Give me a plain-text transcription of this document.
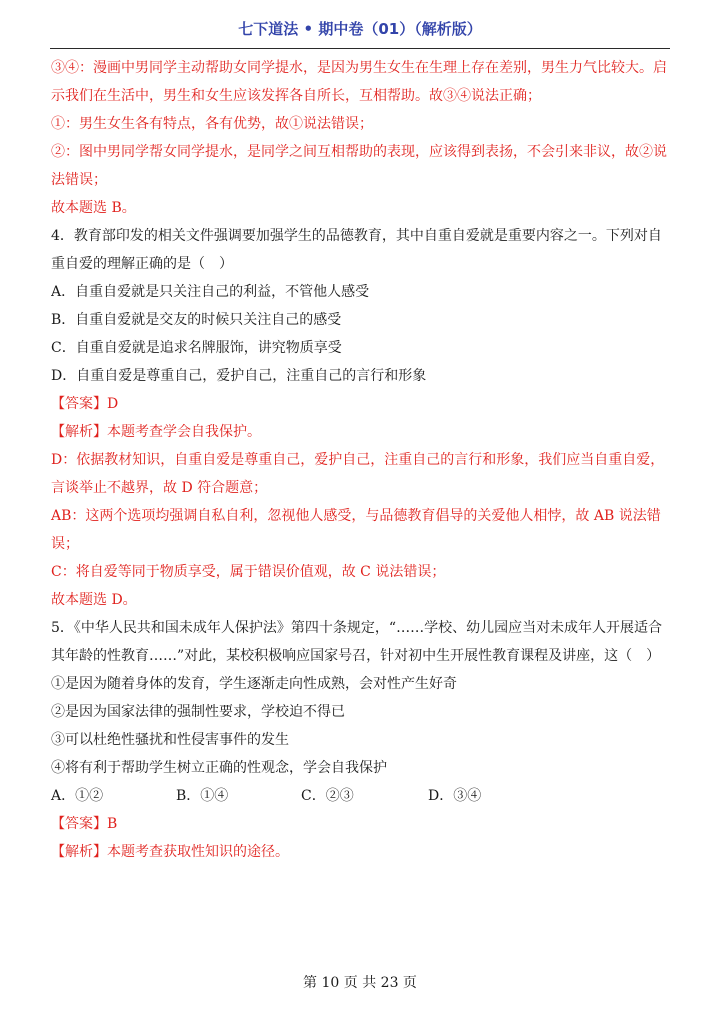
七下道法 • 期中卷（01）（解析版）
③④：漫画中男同学主动帮助女同学提水，是因为男生女生在生理上存在差别，男生力气比较大。启示我们在生活中，男生和女生应该发挥各自所长，互相帮助。故③④说法正确；
①：男生女生各有特点，各有优势，故①说法错误；
②：图中男同学帮女同学提水，是同学之间互相帮助的表现，应该得到表扬，不会引来非议，故②说法错误；
故本题选 B。
4．教育部印发的相关文件强调要加强学生的品德教育，其中自重自爱就是重要内容之一。下列对自重自爱的理解正确的是（　）
A．自重自爱就是只关注自己的利益，不管他人感受
B．自重自爱就是交友的时候只关注自己的感受
C．自重自爱就是追求名牌服饰，讲究物质享受
D．自重自爱是尊重自己，爱护自己，注重自己的言行和形象
【答案】D
【解析】本题考查学会自我保护。
D：依据教材知识，自重自爱是尊重自己，爱护自己，注重自己的言行和形象，我们应当自重自爱，言谈举止不越界，故 D 符合题意；
AB：这两个选项均强调自私自利，忽视他人感受，与品德教育倡导的关爱他人相悖，故 AB 说法错误；
C：将自爱等同于物质享受，属于错误价值观，故 C 说法错误；
故本题选 D。
5．《中华人民共和国未成年人保护法》第四十条规定，“……学校、幼儿园应当对未成年人开展适合其年龄的性教育……”对此，某校积极响应国家号召，针对初中生开展性教育课程及讲座，这（　）
①是因为随着身体的发育，学生逐渐走向性成熟，会对性产生好奇
②是因为国家法律的强制性要求，学校迫不得已
③可以杜绝性骚扰和性侵害事件的发生
④将有利于帮助学生树立正确的性观念，学会自我保护
A．①②	B．①④	C．②③	D．③④
【答案】B
【解析】本题考查获取性知识的途径。
第 10 页 共 23 页
